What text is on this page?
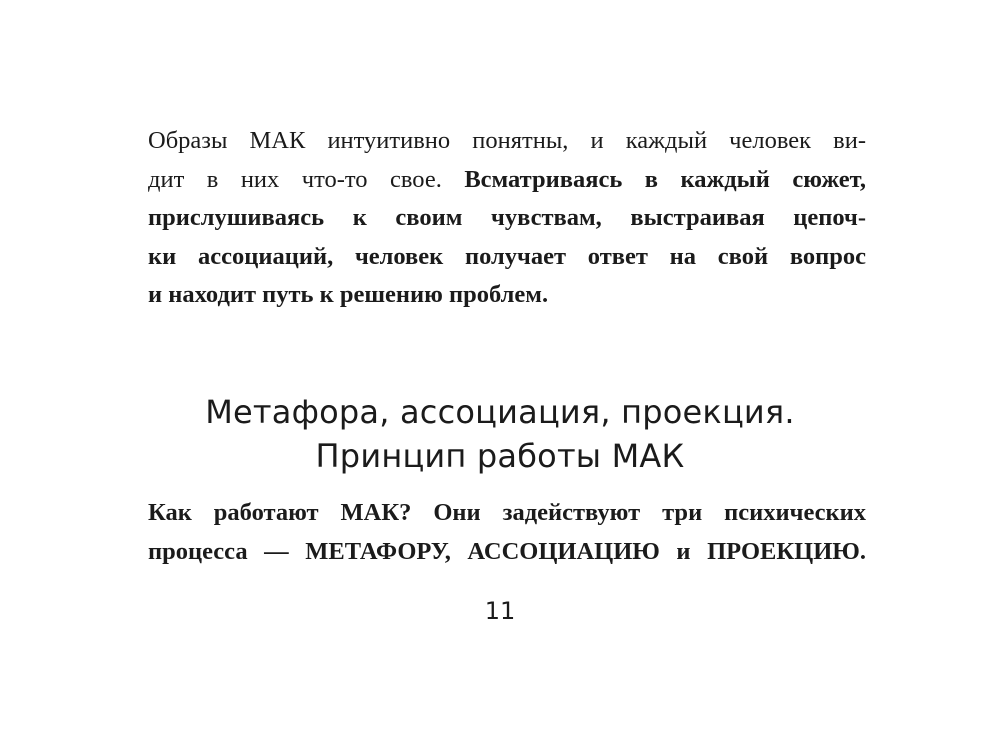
Образы МАК интуитивно понятны, и каждый человек ви-
дит в них что-то свое. Всматриваясь в каждый сюжет,
прислушиваясь к своим чувствам, выстраивая цепоч-
ки ассоциаций, человек получает ответ на свой вопрос
и находит путь к решению проблем.

Метафора, ассоциация, проекция.
Принцип работы МАК

Как работают МАК? Они задействуют три психических
процесса — МЕТАФОРУ, АССОЦИАЦИЮ и ПРОЕКЦИЮ.

11
